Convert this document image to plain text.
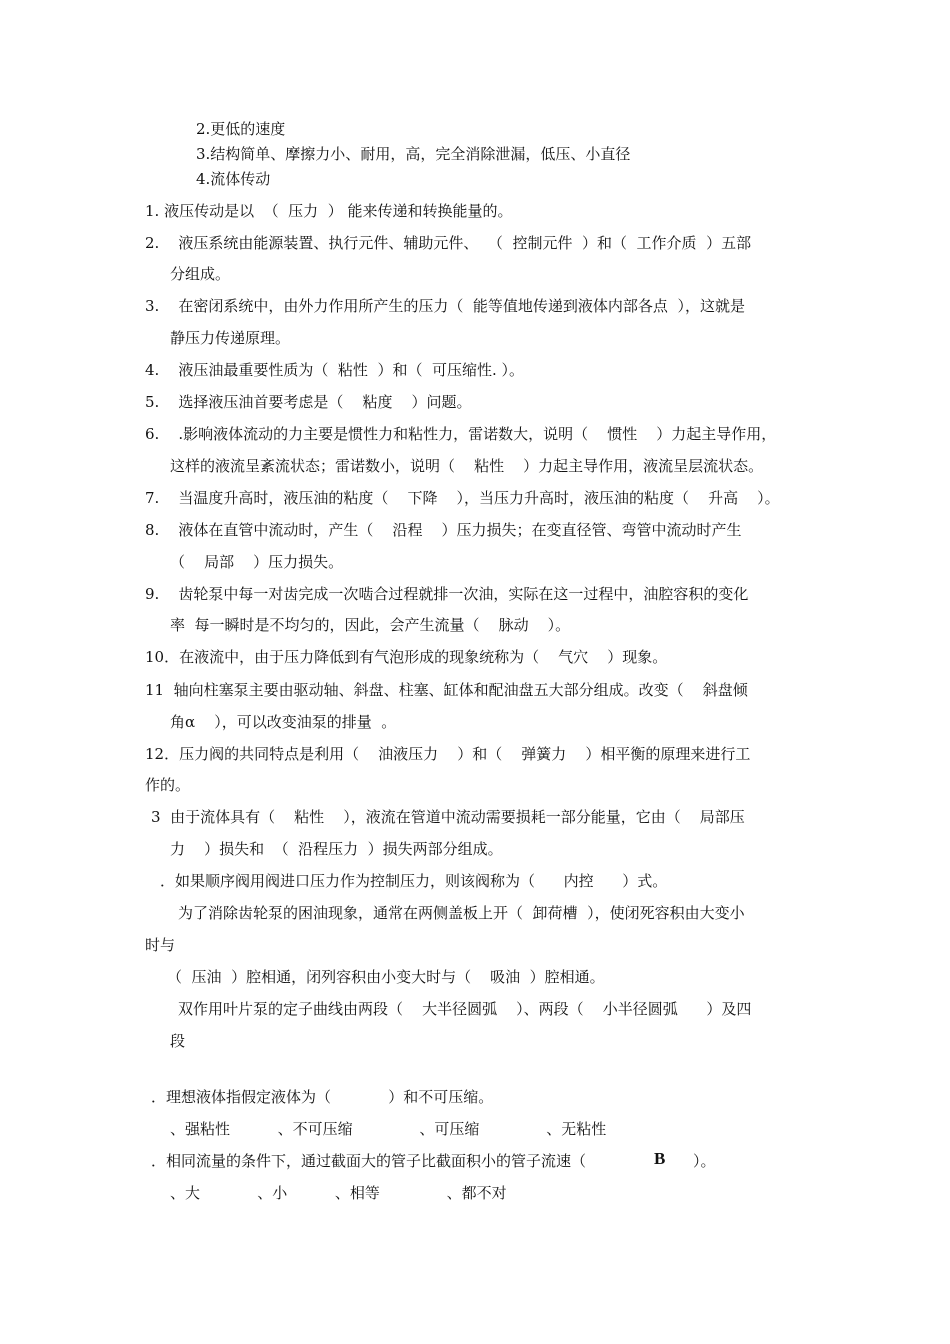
2.更低的速度
3.结构简单、摩擦力小、耐用，高，完全消除泄漏，低压、小直径
4.流体传动
1. 液压传动是以  （  压力  ） 能来传递和转换能量的。
2.    液压系统由能源装置、执行元件、辅助元件、  （  控制元件  ）和（  工作介质  ）五部
分组成。
3.    在密闭系统中，由外力作用所产生的压力（  能等值地传递到液体内部各点  ），这就是
静压力传递原理。
4.    液压油最重要性质为（  粘性  ）和（  可压缩性. ）。
5.    选择液压油首要考虑是（    粘度    ）问题。
6.    .影响液体流动的力主要是惯性力和粘性力，雷诺数大，说明（    惯性    ）力起主导作用，
这样的液流呈紊流状态；雷诺数小，说明（    粘性    ）力起主导作用，液流呈层流状态。
7.    当温度升高时，液压油的粘度（    下降    ），当压力升高时，液压油的粘度（    升高    ）。
8.    液体在直管中流动时，产生（    沿程    ）压力损失；在变直径管、弯管中流动时产生
（    局部    ）压力损失。
9.    齿轮泵中每一对齿完成一次啮合过程就排一次油，实际在这一过程中，油腔容积的变化
率  每一瞬时是不均匀的，因此，会产生流量（    脉动    ）。
10．在液流中，由于压力降低到有气泡形成的现象统称为（    气穴    ）现象。
11  轴向柱塞泵主要由驱动轴、斜盘、柱塞、缸体和配油盘五大部分组成。改变（    斜盘倾
角α    ），可以改变油泵的排量  。
12．压力阀的共同特点是利用（    油液压力    ）和（    弹簧力    ）相平衡的原理来进行工
作的。
3  由于流体具有（    粘性    ），液流在管道中流动需要损耗一部分能量，它由（    局部压
力    ）损失和  （  沿程压力  ）损失两部分组成。
．如果顺序阀用阀进口压力作为控制压力，则该阀称为（      内控      ）式。
为了消除齿轮泵的困油现象，通常在两侧盖板上开（  卸荷槽  ），使闭死容积由大变小
时与
（  压油  ）腔相通，闭列容积由小变大时与（    吸油  ）腔相通。
双作用叶片泵的定子曲线由两段（    大半径圆弧    ）、两段（    小半径圆弧      ）及四
段
．理想液体指假定液体为（            ）和不可压缩。
、强粘性          、不可压缩              、可压缩              、无粘性
．相同流量的条件下，通过截面大的管子比截面积小的管子流速（	B ）。
、大            、小          、相等              、都不对
